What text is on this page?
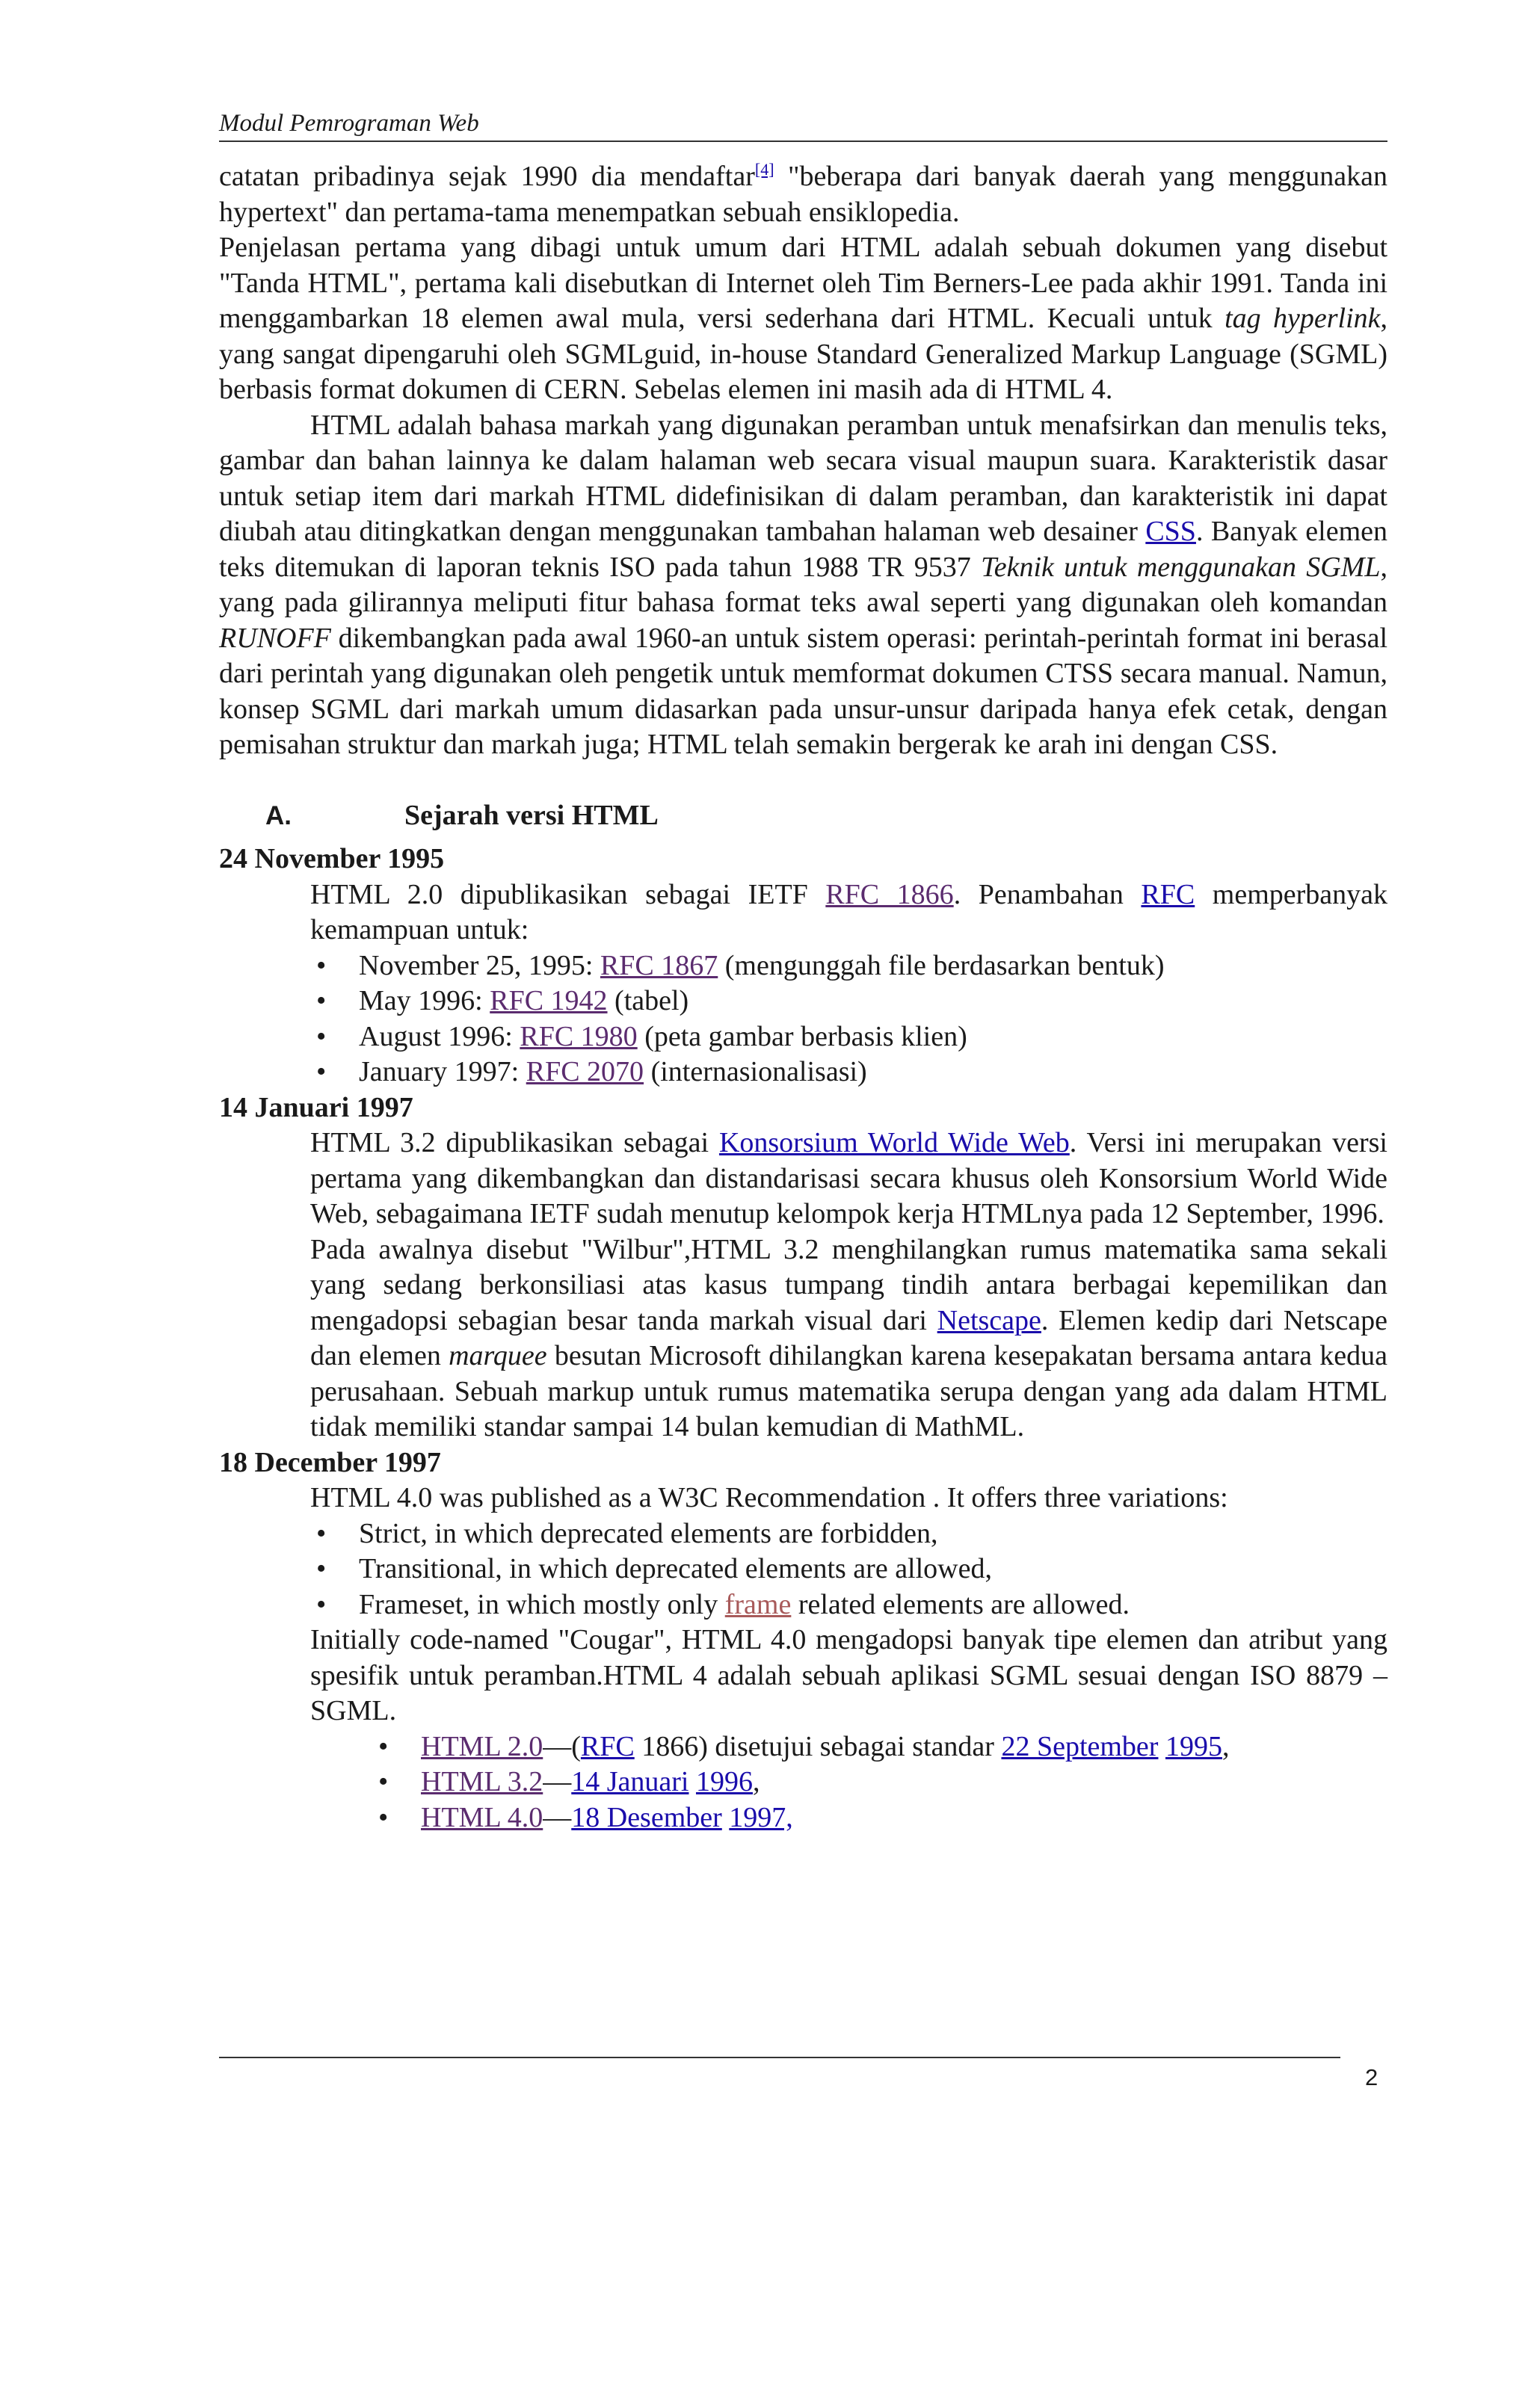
Modul Pemrograman Web

catatan pribadinya sejak 1990 dia mendaftar[4] "beberapa dari banyak daerah yang menggunakan hypertext" dan pertama-tama menempatkan sebuah ensiklopedia.

Penjelasan pertama yang dibagi untuk umum dari HTML adalah sebuah dokumen yang disebut "Tanda HTML", pertama kali disebutkan di Internet oleh Tim Berners-Lee pada akhir 1991. Tanda ini menggambarkan 18 elemen awal mula, versi sederhana dari HTML. Kecuali untuk tag hyperlink, yang sangat dipengaruhi oleh SGMLguid, in-house Standard Generalized Markup Language (SGML) berbasis format dokumen di CERN. Sebelas elemen ini masih ada di HTML 4.

HTML adalah bahasa markah yang digunakan peramban untuk menafsirkan dan menulis teks, gambar dan bahan lainnya ke dalam halaman web secara visual maupun suara. Karakteristik dasar untuk setiap item dari markah HTML didefinisikan di dalam peramban, dan karakteristik ini dapat diubah atau ditingkatkan dengan menggunakan tambahan halaman web desainer CSS. Banyak elemen teks ditemukan di laporan teknis ISO pada tahun 1988 TR 9537 Teknik untuk menggunakan SGML, yang pada gilirannya meliputi fitur bahasa format teks awal seperti yang digunakan oleh komandan RUNOFF dikembangkan pada awal 1960-an untuk sistem operasi: perintah-perintah format ini berasal dari perintah yang digunakan oleh pengetik untuk memformat dokumen CTSS secara manual. Namun, konsep SGML dari markah umum didasarkan pada unsur-unsur daripada hanya efek cetak, dengan pemisahan struktur dan markah juga; HTML telah semakin bergerak ke arah ini dengan CSS.

A.	Sejarah versi HTML

24 November 1995

HTML 2.0 dipublikasikan sebagai IETF RFC 1866. Penambahan RFC memperbanyak kemampuan untuk:

• November 25, 1995: RFC 1867 (mengunggah file berdasarkan bentuk)
• May 1996: RFC 1942 (tabel)
• August 1996: RFC 1980 (peta gambar berbasis klien)
• January 1997: RFC 2070 (internasionalisasi)

14 Januari 1997

HTML 3.2 dipublikasikan sebagai Konsorsium World Wide Web. Versi ini merupakan versi pertama yang dikembangkan dan distandarisasi secara khusus oleh Konsorsium World Wide Web, sebagaimana IETF sudah menutup kelompok kerja HTMLnya pada 12 September, 1996.

Pada awalnya disebut "Wilbur",HTML 3.2 menghilangkan rumus matematika sama sekali yang sedang berkonsiliasi atas kasus tumpang tindih antara berbagai kepemilikan dan mengadopsi sebagian besar tanda markah visual dari Netscape. Elemen kedip dari Netscape dan elemen marquee besutan Microsoft dihilangkan karena kesepakatan bersama antara kedua perusahaan. Sebuah markup untuk rumus matematika serupa dengan yang ada dalam HTML tidak memiliki standar sampai 14 bulan kemudian di MathML.

18 December 1997

HTML 4.0 was published as a W3C Recommendation . It offers three variations:

• Strict, in which deprecated elements are forbidden,
• Transitional, in which deprecated elements are allowed,
• Frameset, in which mostly only frame related elements are allowed.

Initially code-named "Cougar", HTML 4.0 mengadopsi banyak tipe elemen dan atribut yang spesifik untuk peramban.HTML 4 adalah sebuah aplikasi SGML sesuai dengan ISO 8879 – SGML.

• HTML 2.0—(RFC 1866) disetujui sebagai standar 22 September 1995,
• HTML 3.2—14 Januari 1996,
• HTML 4.0—18 Desember 1997,
2
